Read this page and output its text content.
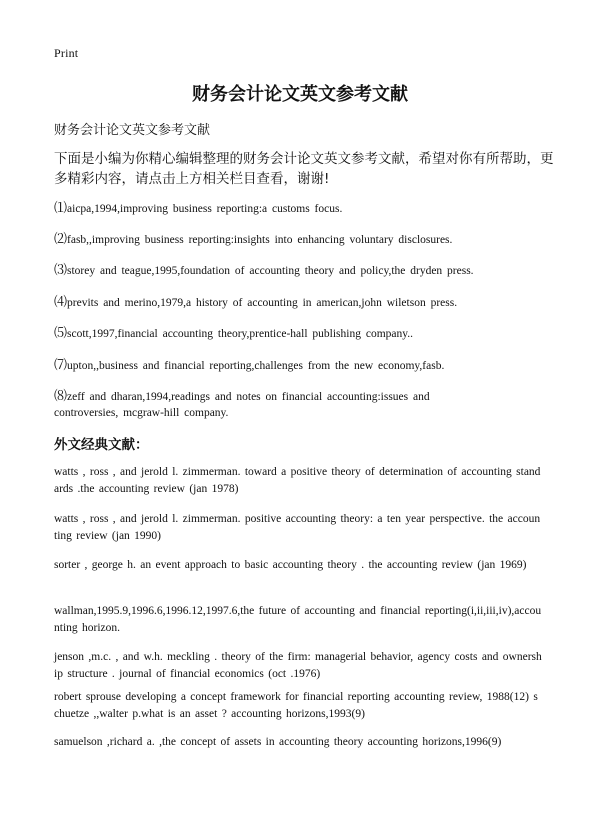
Print
财务会计论文英文参考文献
财务会计论文英文参考文献
下面是小编为你精心编辑整理的财务会计论文英文参考文献，希望对你有所帮助，更多精彩内容，请点击上方相关栏目查看，谢谢!
⑴aicpa,1994,improving business reporting:a customs focus.
⑵fasb,,improving business reporting:insights into enhancing voluntary disclosures.
⑶storey and teague,1995,foundation of accounting theory and policy,the dryden press.
⑷previts and merino,1979,a history of accounting in american,john wiletson press.
⑸scott,1997,financial accounting theory,prentice-hall publishing company..
⑺upton,,business and financial reporting,challenges from the new economy,fasb.
⑻zeff and dharan,1994,readings and notes on financial accounting:issues and controversies, mcgraw-hill company.
外文经典文献：
watts , ross , and jerold l. zimmerman. toward a positive theory of determination of accounting standards .the accounting review (jan 1978)
watts , ross , and jerold l. zimmerman. positive accounting theory: a ten year perspective. the accounting review (jan 1990)
sorter , george h. an event approach to basic accounting theory . the accounting review (jan 1969)
wallman,1995.9,1996.6,1996.12,1997.6,the future of accounting and financial reporting(i,ii,iii,iv),accounting horizon.
jenson ,m.c. , and w.h. meckling . theory of the firm: managerial behavior, agency costs and ownership structure . journal of financial economics (oct .1976)
robert sprouse developing a concept framework for financial reporting accounting review, 1988(12) schuetze ,,walter p.what is an asset ? accounting horizons,1993(9)
samuelson ,richard a. ,the concept of assets in accounting theory accounting horizons,1996(9)
